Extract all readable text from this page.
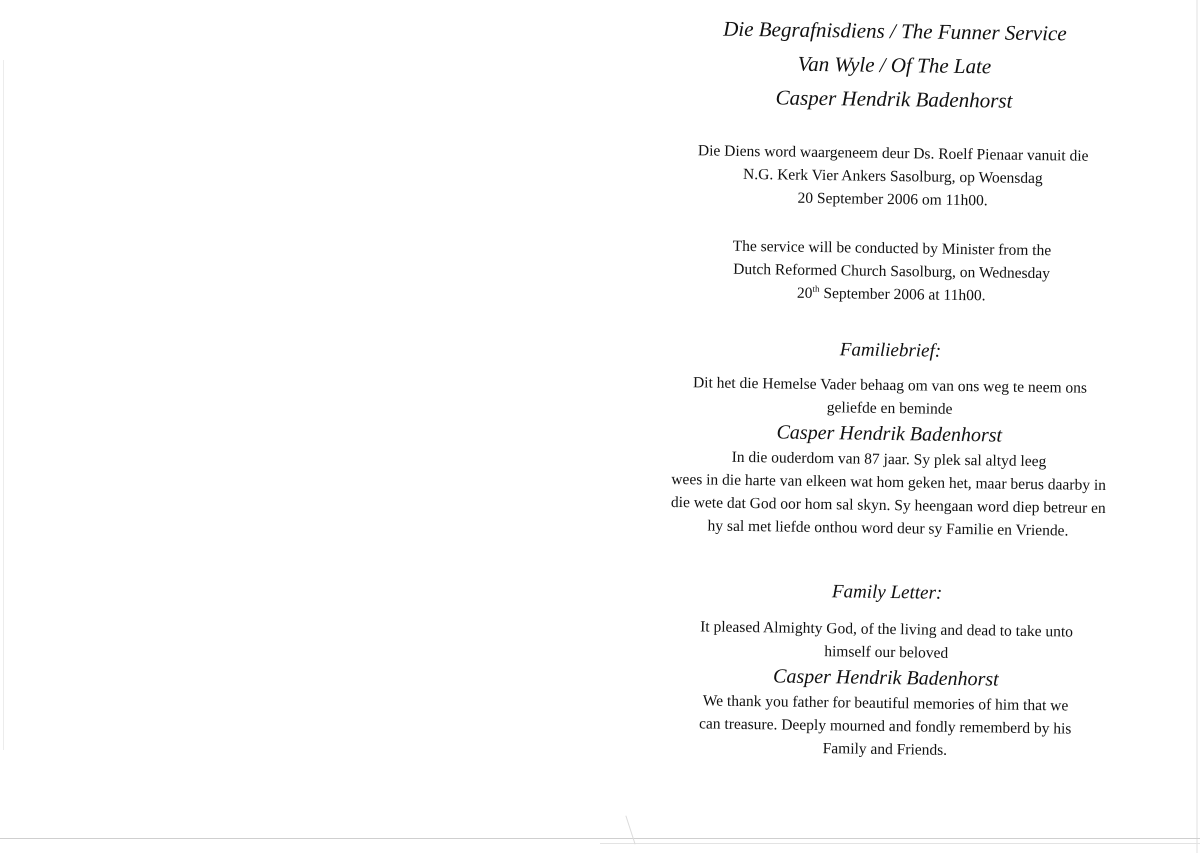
Die Begrafnisdiens / The Funner Service

Van Wyle / Of The Late

Casper Hendrik Badenhorst

Die Diens word waargeneem deur Ds. Roelf Pienaar vanuit die

N.G. Kerk Vier Ankers Sasolburg, op Woensdag

20 September 2006 om 11h00.

The service will be conducted by Minister from the

Dutch Reformed Church Sasolburg, on Wednesday

20th September 2006 at 11h00.

Familiebrief:

Dit het die Hemelse Vader behaag om van ons weg te neem ons

geliefde en beminde

Casper Hendrik Badenhorst

In die ouderdom van 87 jaar. Sy plek sal altyd leeg

wees in die harte van elkeen wat hom geken het, maar berus daarby in

die wete dat God oor hom sal skyn. Sy heengaan word diep betreur en

hy sal met liefde onthou word deur sy Familie en Vriende.

Family Letter:

It pleased Almighty God, of the living and dead to take unto

himself our beloved

Casper Hendrik Badenhorst

We thank you father for beautiful memories of him that we

can treasure. Deeply mourned and fondly rememberd by his

Family and Friends.
